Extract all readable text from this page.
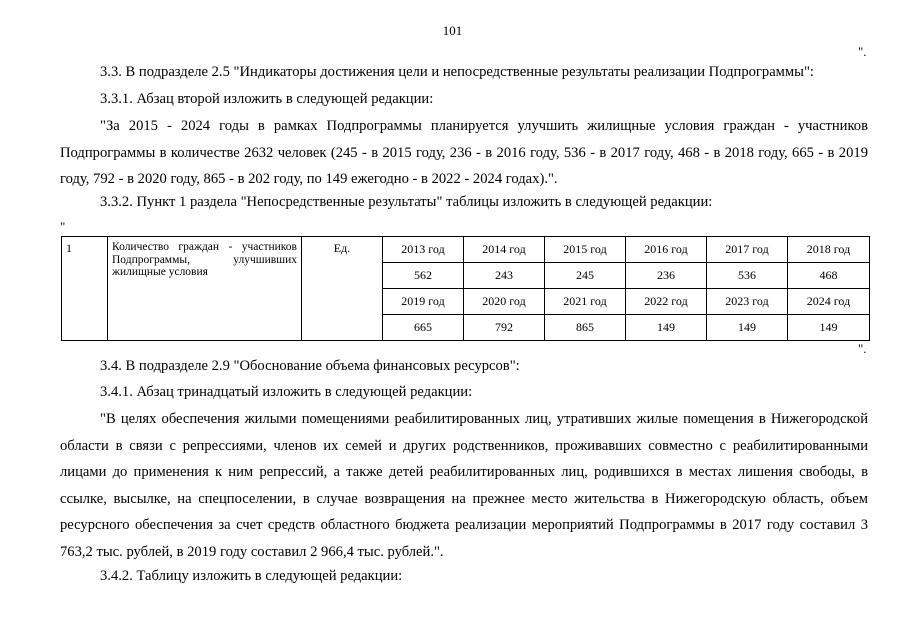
101
".
3.3. В подразделе 2.5 "Индикаторы достижения цели и непосредственные результаты реализации Подпрограммы":
3.3.1. Абзац второй изложить в следующей редакции:

"За 2015 - 2024 годы в рамках Подпрограммы планируется улучшить жилищные условия граждан - участников Подпрограммы в количестве 2632 человек (245 - в 2015 году, 236 - в 2016 году, 536 - в 2017 году, 468 - в 2018 году, 665 - в 2019 году, 792 - в 2020 году, 865 - в 202 году, по 149 ежегодно - в 2022 - 2024 годах).".

3.3.2. Пункт 1 раздела "Непосредственные результаты" таблицы изложить в следующей редакции:
"
1	Количество граждан - участников Подпрограммы, улучшивших жилищные условия	Ед.	2013 год	2014 год	2015 год	2016 год	2017 год	2018 год
			562	243	245	236	536	468
			2019 год	2020 год	2021 год	2022 год	2023 год	2024 год
			665	792	865	149	149	149
".
3.4. В подразделе 2.9 "Обоснование объема финансовых ресурсов":
3.4.1. Абзац тринадцатый изложить в следующей редакции:

"В целях обеспечения жилыми помещениями реабилитированных лиц, утративших жилые помещения в Нижегородской области в связи с репрессиями, членов их семей и других родственников, проживавших совместно с реабилитированными лицами до применения к ним репрессий, а также детей реабилитированных лиц, родившихся в местах лишения свободы, в ссылке, высылке, на спецпоселении, в случае возвращения на прежнее место жительства в Нижегородскую область, объем ресурсного обеспечения за счет средств областного бюджета реализации мероприятий Подпрограммы в 2017 году составил 3 763,2 тыс. рублей, в 2019 году составил 2 966,4 тыс. рублей.".

3.4.2. Таблицу изложить в следующей редакции:
